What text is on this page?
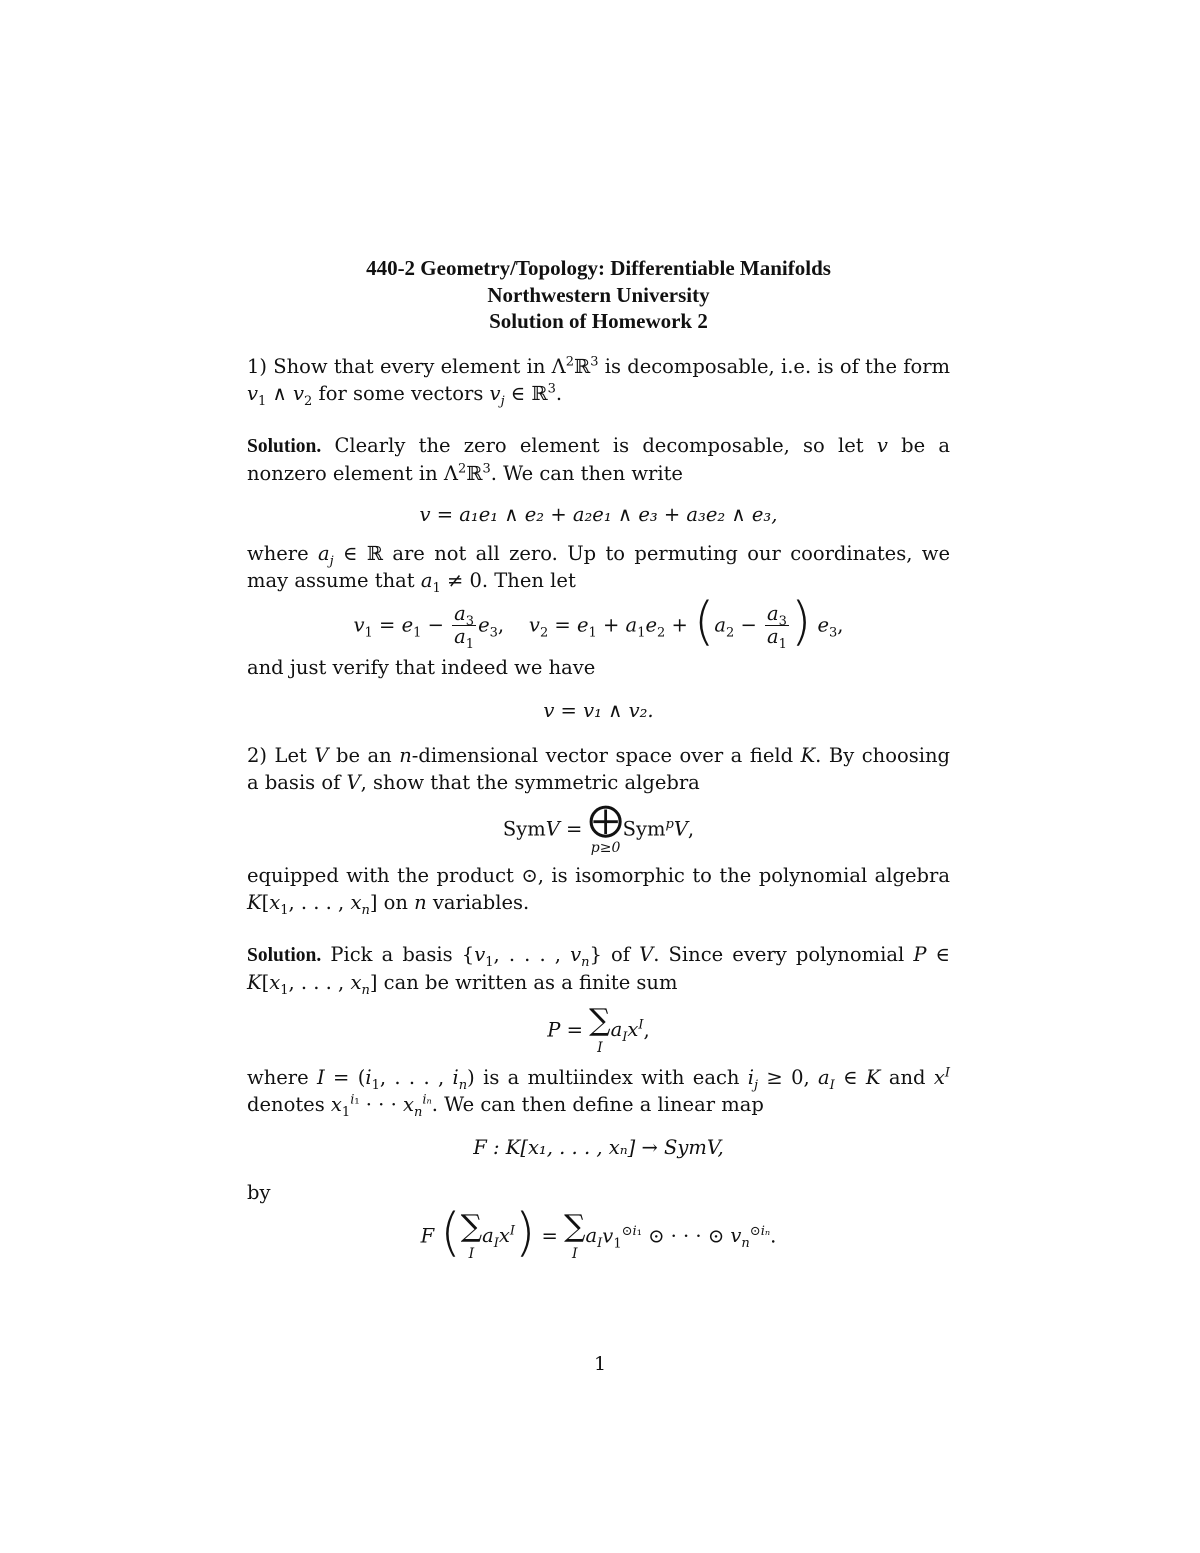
440-2 Geometry/Topology: Differentiable Manifolds
Northwestern University
Solution of Homework 2

1) Show that every element in $\Lambda^2ℝ^3$ is decomposable, i.e. is of the form $v_1$ ∧ $v_2$ for some vectors $v_j$ ∈ ℝ$^3$.

Solution. Clearly the zero element is decomposable, so let v be a nonzero element in $\Lambda^2ℝ^3$. We can then write

v = a₁e₁ ∧ e₂ + a₂e₁ ∧ e₃ + a₃e₂ ∧ e₃,

where $a_j$ ∈ ℝ are not all zero. Up to permuting our coordinates, we may assume that $a_1 \ne 0$. Then let

$v_1 = e_1 - \frac{a_3}{a_1} e_3$,    $v_2 = e_1 + a_1e_2 + (a_2 - \frac{a_3}{a_1}$ ) $e_3$,

and just verify that indeed we have

v = v₁ ∧ v₂.

2) Let V be an n-dimensional vector space over a field K. By choosing a basis of V, show that the symmetric algebra

SymV = ⨁
p≥0
Sym$^p$V,

equipped with the product ⊙, is isomorphic to the polynomial algebra $K[x_1$, . . . , $x_n$] on n variables.

Solution. Pick a basis {$v_1$, . . . , $v_n$} of V. Since every polynomial P ∈ $K[x_1$, . . . , $x_n$] can be written as a finite sum

P = ∑
I
$a_Ix^I$,

where $I = (i_1$, . . . , $i_n$) is a multiindex with each $i_j \ge 0$, $a_I$ ∈ K and $x^I$ denotes $x_1^{i_1}$ · · · $x_n^{i_n}$. We can then define a linear map

F : K[x₁, . . . , xₙ] → SymV,

by

F ( ∑
I
$a_Ix^I$) = ∑
I
$a_Iv_1^{⊙i_1}$ ⊙ · · · ⊙ $v_n^{⊙i_n}$.
1
